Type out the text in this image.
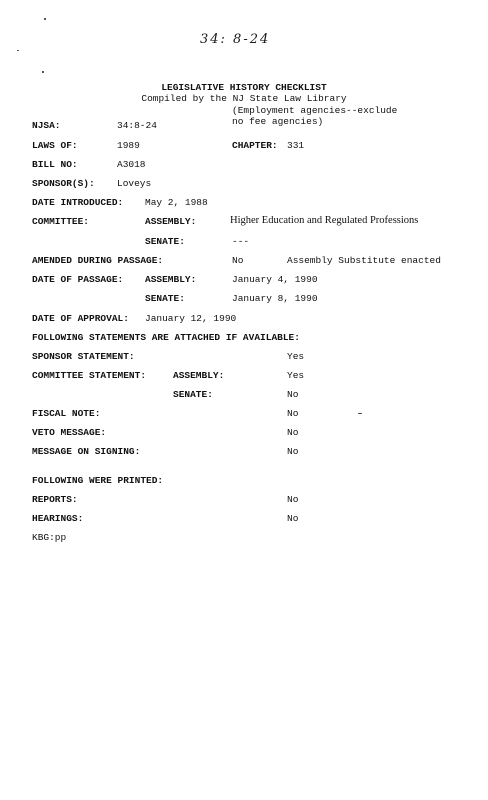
34: 8-24
LEGISLATIVE HISTORY CHECKLIST
Compiled by the NJ State Law Library
(Employment agencies--exclude
no fee agencies)
NJSA:	34:8-24
LAWS OF:	1989	CHAPTER: 331
BILL NO:	A3018
SPONSOR(S): Loveys
DATE INTRODUCED: May 2, 1988
COMMITTEE:	ASSEMBLY:	Higher Education and Regulated Professions
SENATE:	---
AMENDED DURING PASSAGE:	No	Assembly Substitute enacted
DATE OF PASSAGE: ASSEMBLY:	January 4, 1990
SENATE:	January 8, 1990
DATE OF APPROVAL: January 12, 1990
FOLLOWING STATEMENTS ARE ATTACHED IF AVAILABLE:
SPONSOR STATEMENT:	Yes
COMMITTEE STATEMENT:	ASSEMBLY:	Yes
SENATE:	No
FISCAL NOTE:	No
VETO MESSAGE:	No
MESSAGE ON SIGNING:	No
FOLLOWING WERE PRINTED:
REPORTS:	No
HEARINGS:	No
KBG:pp
